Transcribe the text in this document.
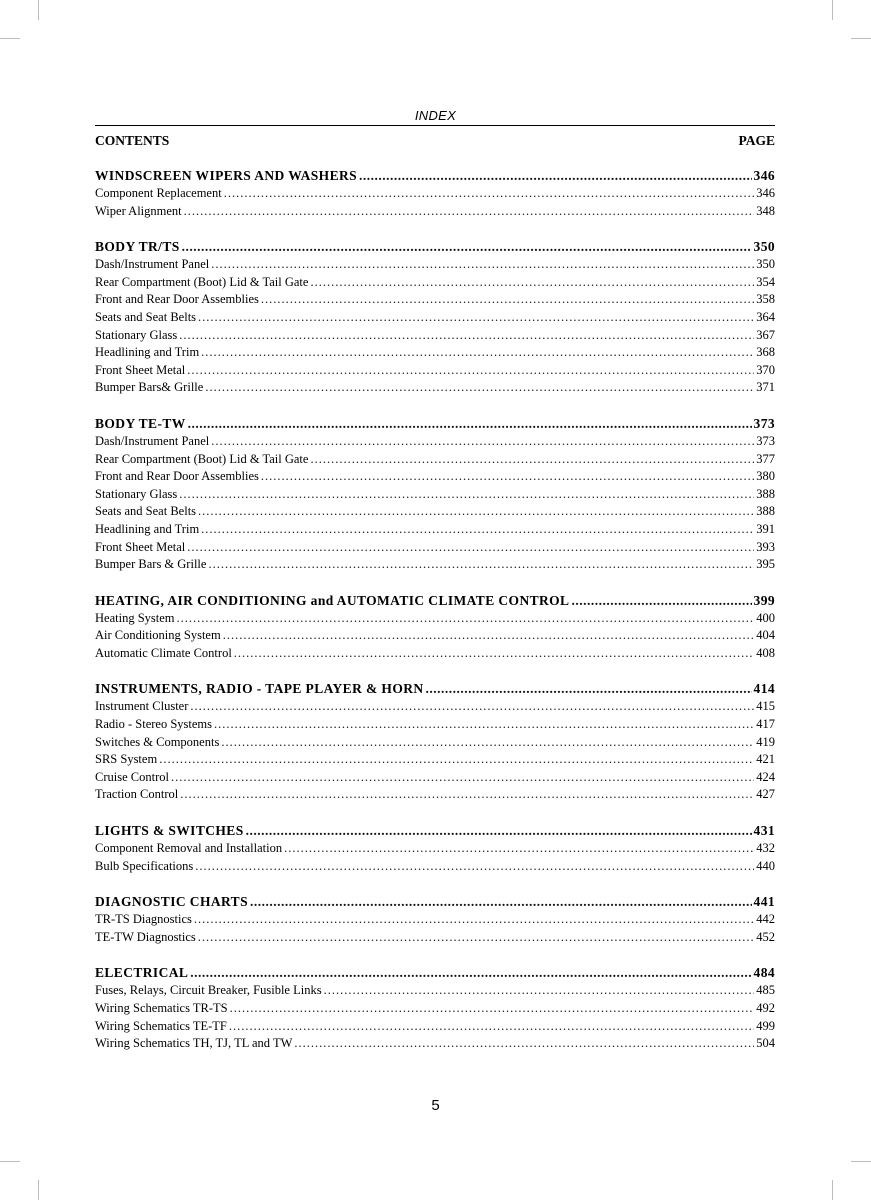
INDEX
CONTENTS	PAGE
WINDSCREEN WIPERS AND WASHERS .....	346
Component Replacement .....	346
Wiper Alignment .....	348
BODY TR/TS .....	350
Dash/Instrument Panel .....	350
Rear Compartment (Boot) Lid & Tail Gate .....	354
Front and Rear Door Assemblies .....	358
Seats and Seat Belts .....	364
Stationary Glass .....	367
Headlining and Trim .....	368
Front Sheet Metal .....	370
Bumper Bars& Grille .....	371
BODY TE-TW .....	373
Dash/Instrument Panel .....	373
Rear Compartment (Boot) Lid & Tail Gate .....	377
Front and Rear Door Assemblies .....	380
Stationary Glass .....	388
Seats and Seat Belts .....	388
Headlining and Trim .....	391
Front Sheet Metal .....	393
Bumper Bars & Grille .....	395
HEATING, AIR CONDITIONING and AUTOMATIC CLIMATE CONTROL .....	399
Heating System .....	400
Air Conditioning System .....	404
Automatic Climate Control .....	408
INSTRUMENTS, RADIO - TAPE PLAYER & HORN .....	414
Instrument Cluster .....	415
Radio - Stereo Systems .....	417
Switches & Components .....	419
SRS System .....	421
Cruise Control .....	424
Traction Control .....	427
LIGHTS & SWITCHES .....	431
Component Removal and Installation .....	432
Bulb Specifications .....	440
DIAGNOSTIC CHARTS .....	441
TR-TS Diagnostics .....	442
TE-TW Diagnostics .....	452
ELECTRICAL .....	484
Fuses, Relays, Circuit Breaker, Fusible Links .....	485
Wiring Schematics TR-TS .....	492
Wiring Schematics TE-TF .....	499
Wiring Schematics TH, TJ, TL and TW .....	504
5
